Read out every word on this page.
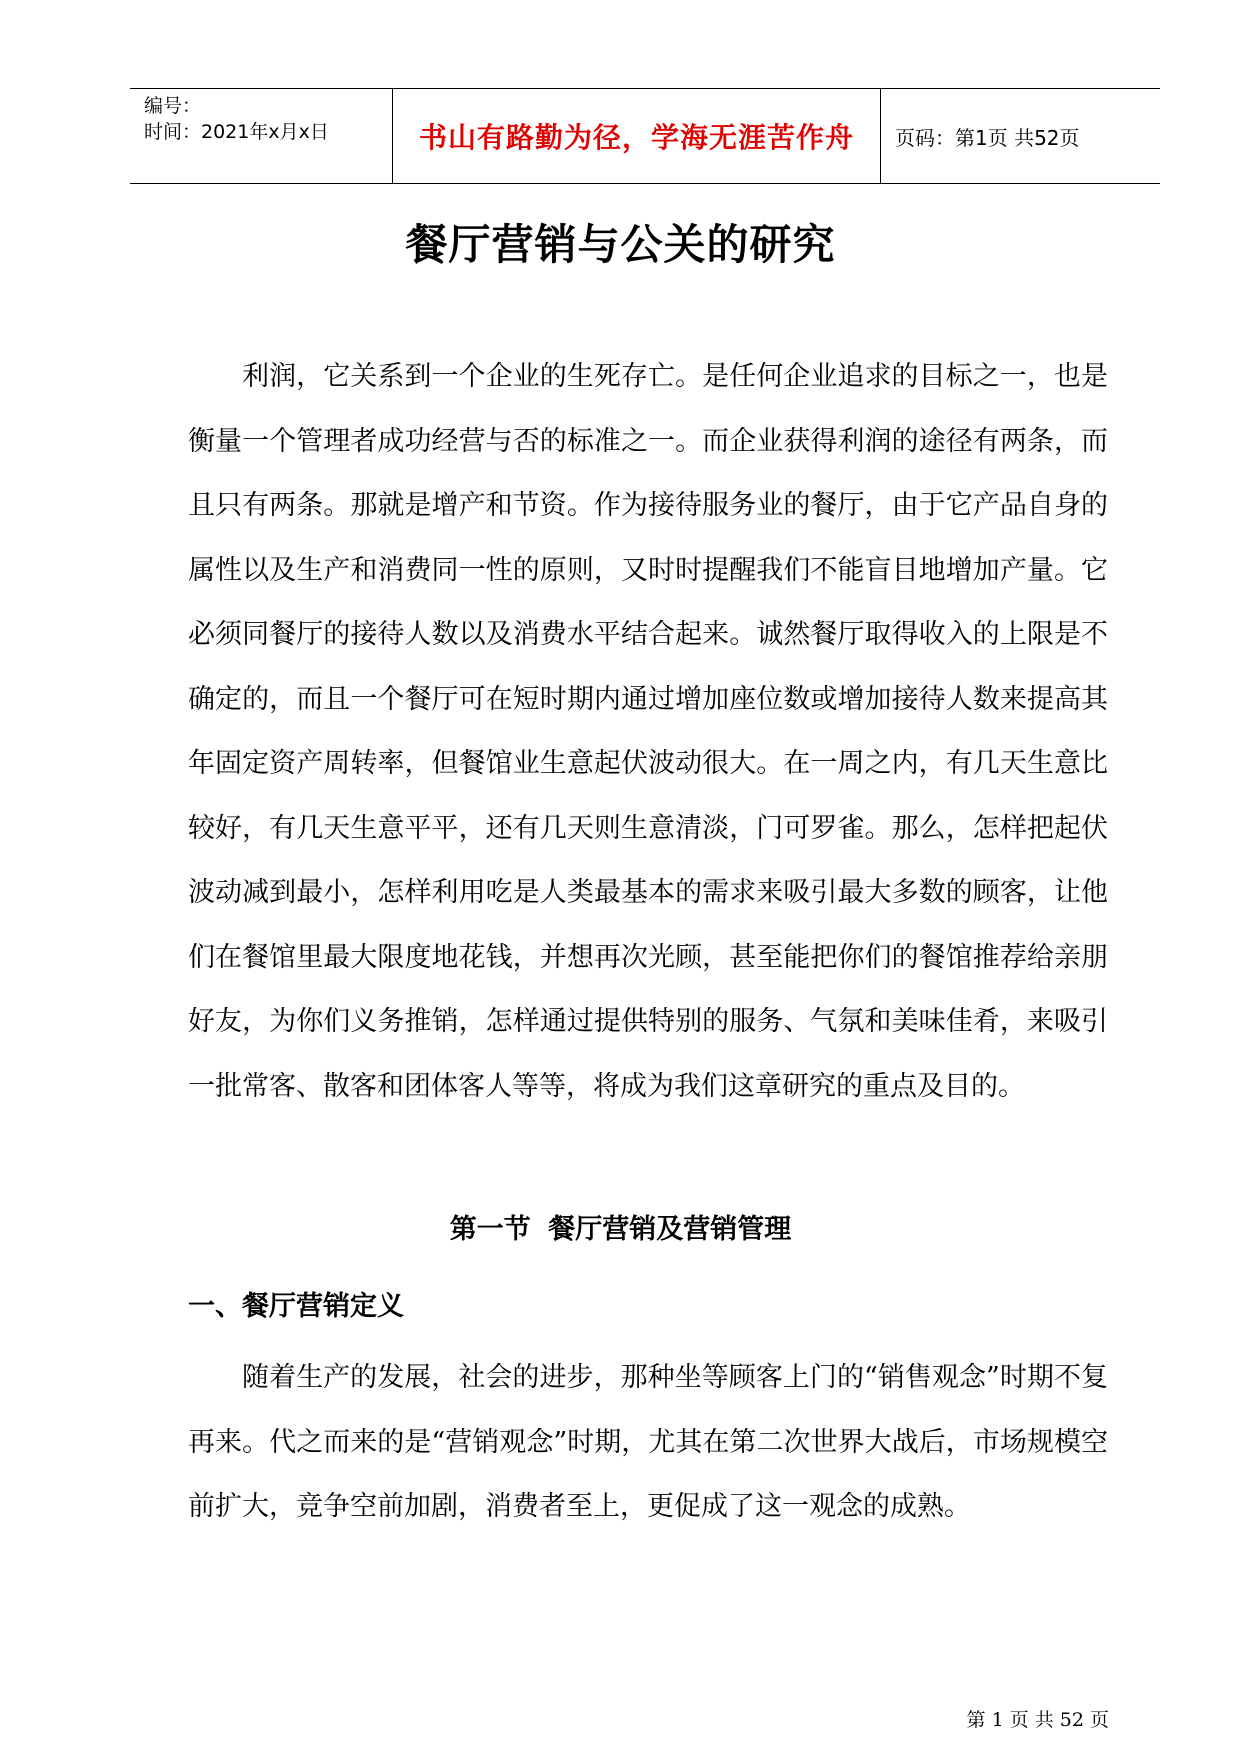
编号：
时间：2021年x月x日	书山有路勤为径，学海无涯苦作舟 页码：第1页 共52页
餐厅营销与公关的研究

利润，它关系到一个企业的生死存亡。是任何企业追求的目标之一，也是衡量一个管理者成功经营与否的标准之一。而企业获得利润的途径有两条，而且只有两条。那就是增产和节资。作为接待服务业的餐厅，由于它产品自身的属性以及生产和消费同一性的原则，又时时提醒我们不能盲目地增加产量。它必须同餐厅的接待人数以及消费水平结合起来。诚然餐厅取得收入的上限是不确定的，而且一个餐厅可在短时期内通过增加座位数或增加接待人数来提高其年固定资产周转率，但餐馆业生意起伏波动很大。在一周之内，有几天生意比较好，有几天生意平平，还有几天则生意清淡，门可罗雀。那么，怎样把起伏波动减到最小，怎样利用吃是人类最基本的需求来吸引最大多数的顾客，让他们在餐馆里最大限度地花钱，并想再次光顾，甚至能把你们的餐馆推荐给亲朋好友，为你们义务推销，怎样通过提供特别的服务、气氛和美味佳肴，来吸引一批常客、散客和团体客人等等，将成为我们这章研究的重点及目的。

第一节 餐厅营销及营销管理
一、餐厅营销定义

随着生产的发展，社会的进步，那种坐等顾客上门的“销售观念”时期不复再来。代之而来的是“营销观念”时期，尤其在第二次世界大战后，市场规模空前扩大，竞争空前加剧，消费者至上，更促成了这一观念的成熟。

第 1 页 共 52 页
